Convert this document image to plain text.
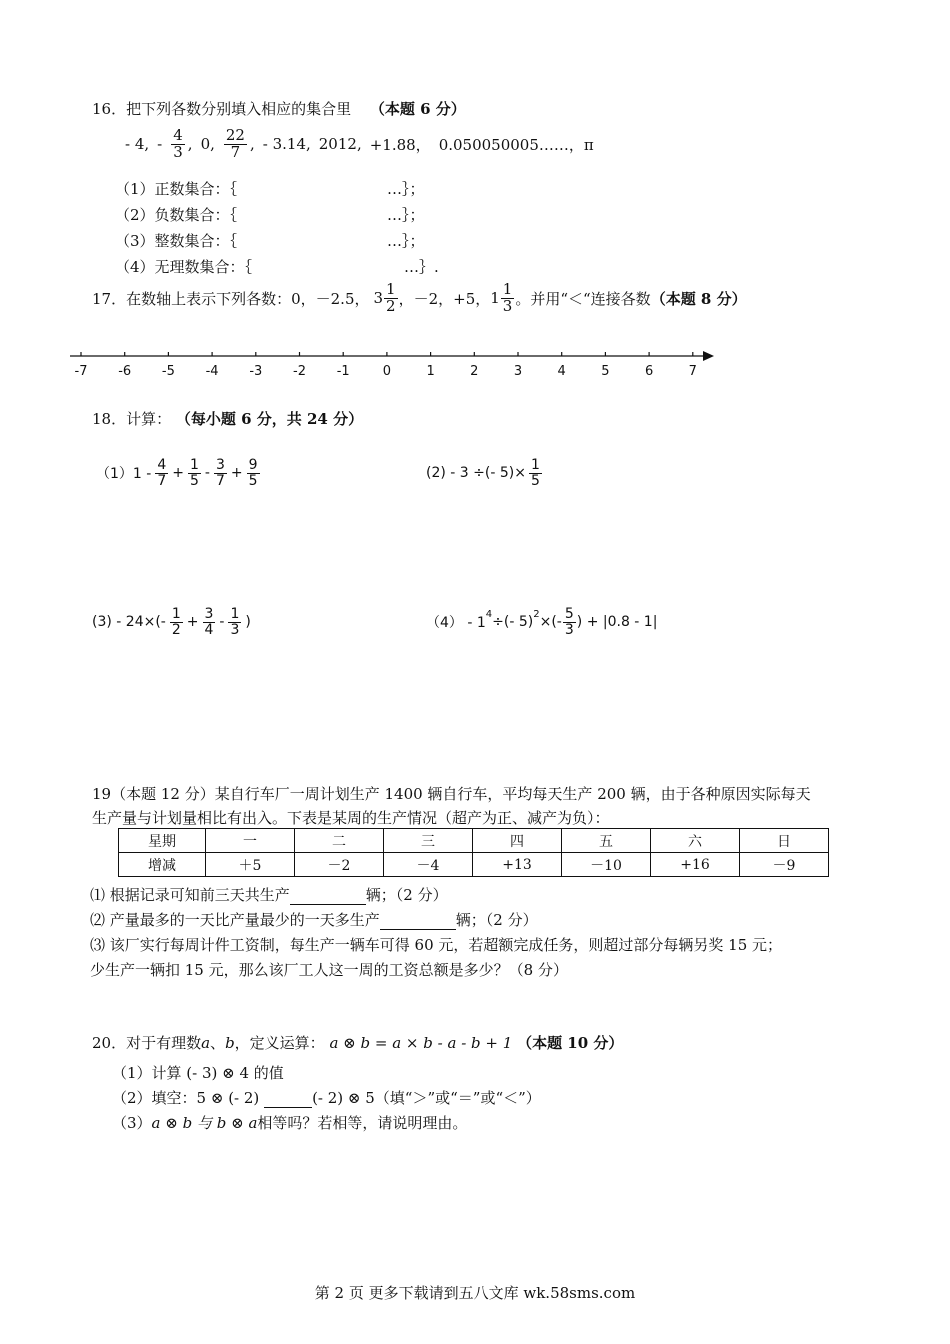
16．把下列各数分别填入相应的集合里 （本题 6 分）
- 4, - $\frac{4}{3}$ , 0, $\frac{22}{7}$ , - 3.14, 2012, +1.88， 0.050050005……，π
（1）正数集合：｛	…｝；
（2）负数集合：｛	…｝；
（3）整数集合：｛	…｝；
（4）无理数集合：｛	…｝.
17．在数轴上表示下列各数：0，－2.5， $3 \frac{1}{2}$ ，－2，+5， $1 \frac{1}{3}$ 。并用“＜“连接各数 （本题 8 分）
-7 -6 -5 -4 -3 -2 -1	0	1	2	3	4	5	6	7
18．计算： （每小题 6 分，共 24 分）
$(1)1 - \frac{4}{7} + \frac{1}{5} - \frac{3}{7} + \frac{9}{5}$	(2) - 3 ÷(- $5)\times \frac{1}{5}$
$(3) - 24\times(- \frac{1}{2} + \frac{3}{4} - \frac{1}{3}$ )	（4） - 1
$^4$ ÷(- 5)$^2$ ×(- $\frac{5}{3}$ ) + |0.8 - 1|
19（本题 12 分）某自行车厂一周计划生产 1400 辆自行车，平均每天生产 200 辆，由于各种原因实际每天
生产量与计划量相比有出入。下表是某周的生产情况（超产为正、减产为负）：
星期	一	二	三	四	五	六	日
增减	＋5	－2	－4	+13	－10	+16	－9
⑴ 根据记录可知前三天共生产	辆；（2 分）
⑵ 产量最多的一天比产量最少的一天多生产	辆；（2 分）
⑶ 该厂实行每周计件工资制，每生产一辆车可得 60 元，若超额完成任务，则超过部分每辆另奖 15 元；
少生产一辆扣 15 元，那么该厂工人这一周的工资总额是多少？（8 分）
20．对于有理数a、b，定义运算： a ⊗ b = a × b - a - b + 1 （本题 10 分）
（1）计算 (- 3) ⊗ 4 的值
（2）填空：5 ⊗ (- 2)	(- 2) ⊗ 5（填“＞”或“＝”或“＜”）
（3）a ⊗ b 与 b ⊗ a相等吗？若相等，请说明理由。
第 2 页 更多下载请到五八文库 wk.58sms.com
